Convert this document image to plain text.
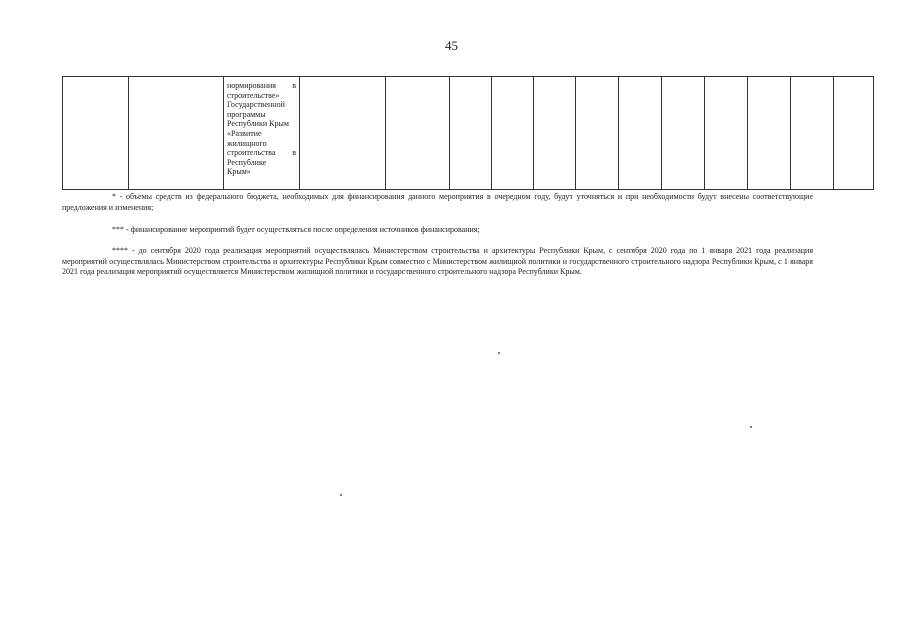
45

нормирования в
строительстве»
Государственной
программы
Республики Крым
«Развитие
жилищного
строительства в
Республике
Крым»

* - объемы средств из федерального бюджета, необходимых для финансирования данного мероприятия в очередном году, будут уточняться и при необходимости будут внесены соответствующие предложения и изменения;

*** - финансирование мероприятий будет осуществляться после определения источников финансирования;

**** - до сентября 2020 года реализация мероприятий осуществлялась Министерством строительства и архитектуры Республики Крым, с сентября 2020 года по 1 января 2021 года реализация мероприятий осуществлялась Министерством строительства и архитектуры Республики Крым совместно с Министерством жилищной политики и государственного строительного надзора Республики Крым, с 1 января 2021 года реализация мероприятий осуществляется Министерством жилищной политики и государственного строительного надзора Республики Крым.
